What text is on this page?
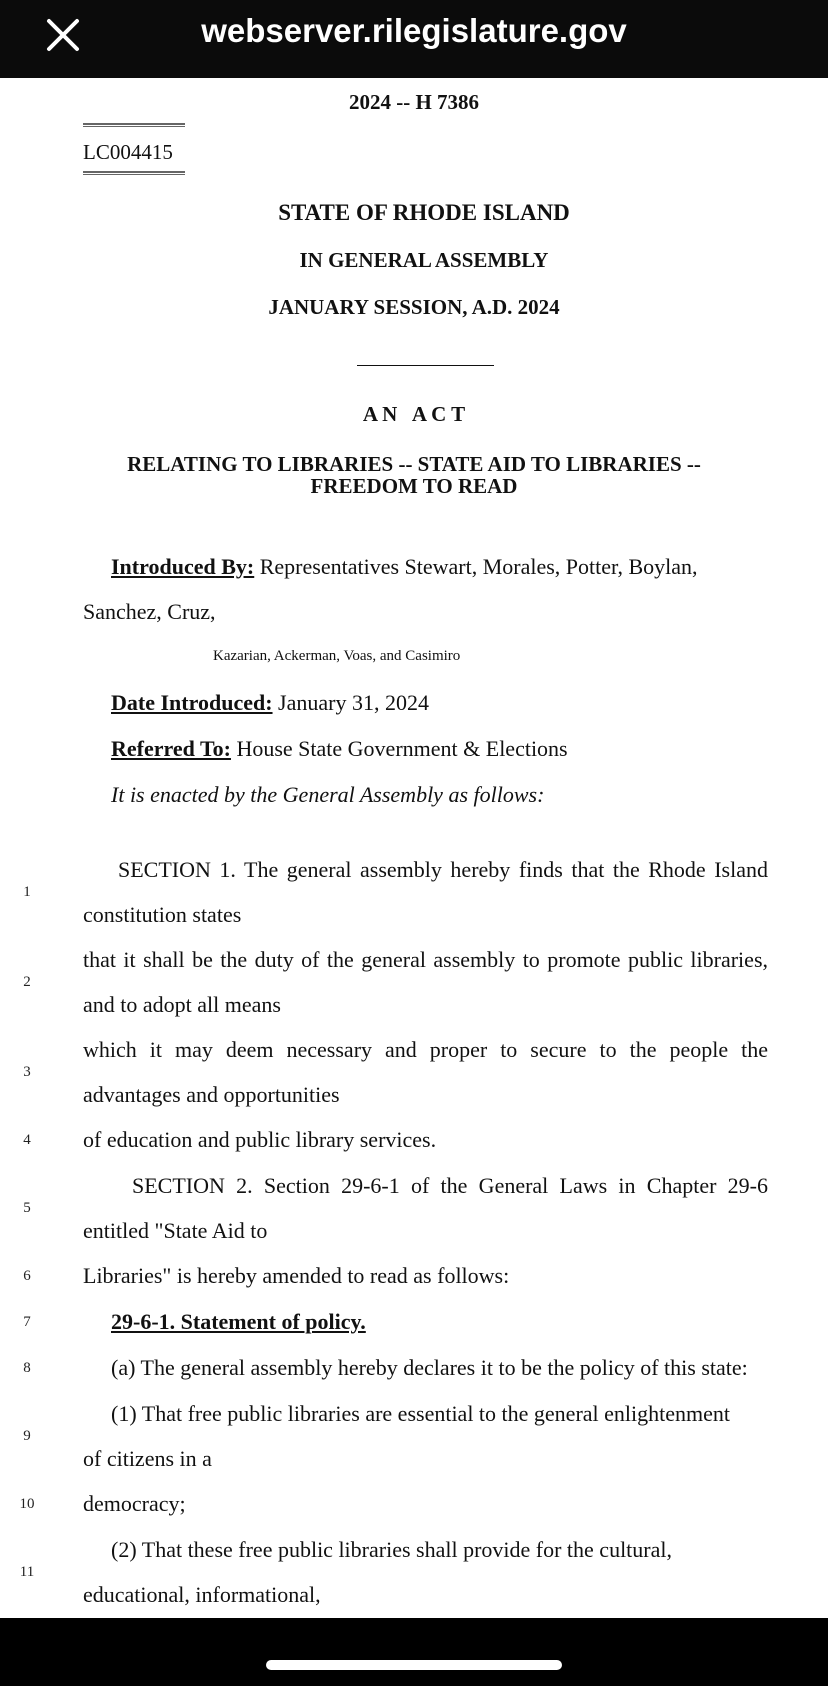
webserver.rilegislature.gov
2024 -- H 7386
LC004415
STATE OF RHODE ISLAND
IN GENERAL ASSEMBLY
JANUARY SESSION, A.D. 2024
A N   A C T
RELATING TO LIBRARIES -- STATE AID TO LIBRARIES --
FREEDOM TO READ
Introduced By: Representatives Stewart, Morales, Potter, Boylan,
Sanchez, Cruz,
Kazarian, Ackerman, Voas, and Casimiro
Date Introduced: January 31, 2024
Referred To: House State Government & Elections
It is enacted by the General Assembly as follows:
1
SECTION 1. The general assembly hereby finds that the Rhode Island
constitution states
2
that it shall be the duty of the general assembly to promote public libraries,
and to adopt all means
3
which it may deem necessary and proper to secure to the people the
advantages and opportunities
4	of education and public library services.
5
SECTION 2. Section 29-6-1 of the General Laws in Chapter 29-6
entitled "State Aid to
6	Libraries" is hereby amended to read as follows:
7	29-6-1. Statement of policy.
8	(a) The general assembly hereby declares it to be the policy of this state:
9
(1) That free public libraries are essential to the general enlightenment
of citizens in a
10	democracy;
11
(2) That these free public libraries shall provide for the cultural,
educational, informational,
